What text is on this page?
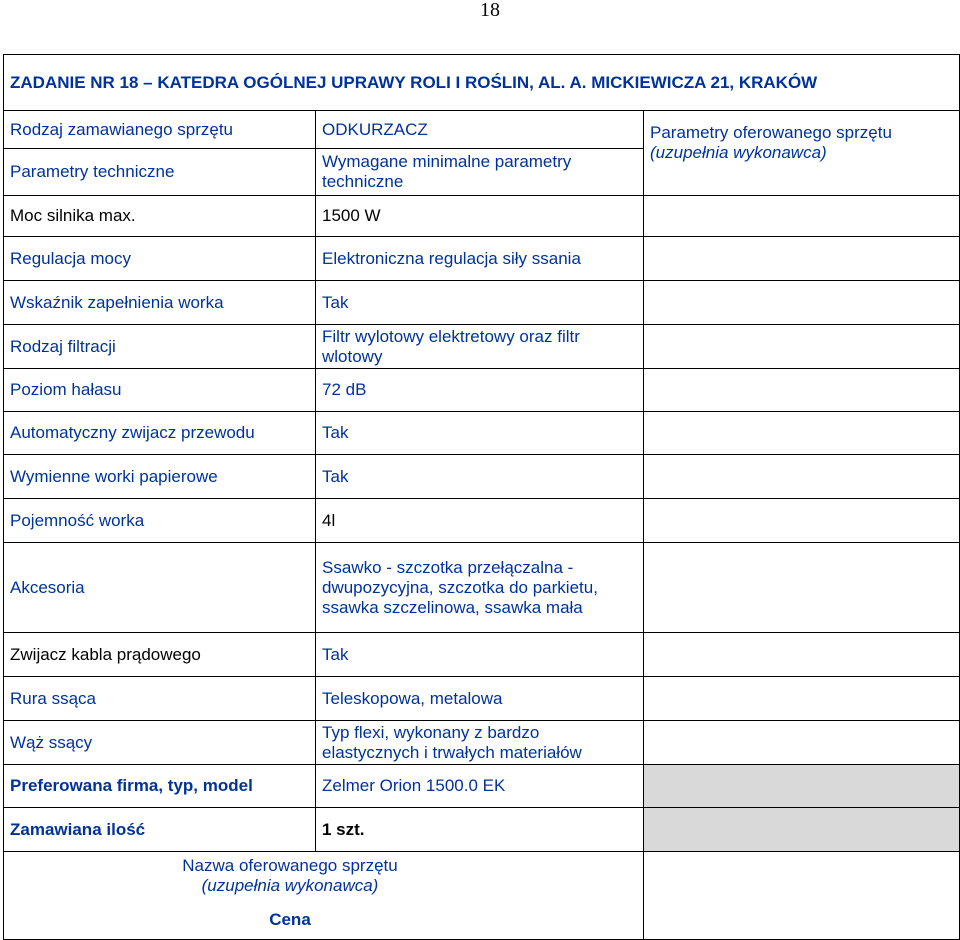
18
ZADANIE NR 18 – KATEDRA OGÓLNEJ UPRAWY ROLI I ROŚLIN, AL. A. MICKIEWICZA 21, KRAKÓW		
Rodzaj zamawianego sprzętu	ODKURZACZ	Parametry oferowanego sprzętu
(uzupełnia wykonawca)

Parametry techniczne	Wymagane minimalne parametry techniczne	
Moc silnika max.	1500 W	
Regulacja mocy	Elektroniczna regulacja siły ssania	
Wskaźnik zapełnienia worka	Tak	
Rodzaj filtracji	Filtr wylotowy elektretowy oraz filtr wlotowy	
Poziom hałasu	72 dB	
Automatyczny zwijacz przewodu	Tak	
Wymienne worki papierowe	Tak	
Pojemność worka	4l	
Akcesoria	Ssawko - szczotka przełączalna - dwupozycyjna, szczotka do parkietu, ssawka szczelinowa, ssawka mała	
Zwijacz kabla prądowego	Tak	
Rura ssąca	Teleskopowa, metalowa	
Wąż ssący	Typ flexi, wykonany z bardzo elastycznych i trwałych materiałów	
Preferowana firma, typ, model	Zelmer Orion 1500.0 EK	
Zamawiana ilość	1 szt.	

Nazwa oferowanego sprzętu
(uzupełnia wykonawca)
Cena		
